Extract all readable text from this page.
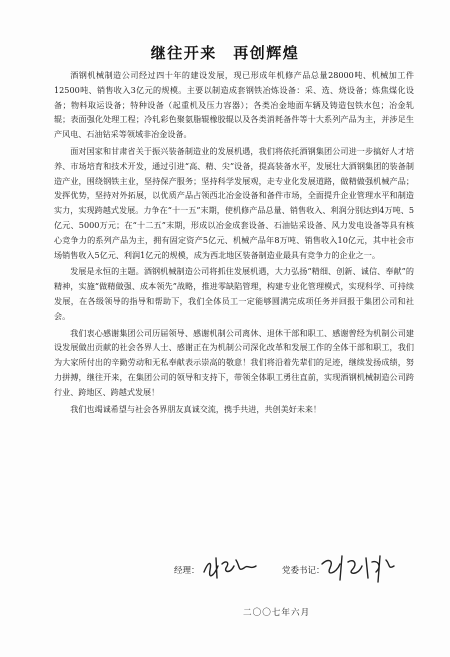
继往开来　再创辉煌

酒钢机械制造公司经过四十年的建设发展，现已形成年机修产品总量28000吨、机械加工件12500吨、销售收入3亿元的规模。主要以制造成套钢铁冶炼设备：采、选、烧设备；炼焦煤化设备；物料取运设备；特种设备（起重机及压力容器）；各类冶金地面车辆及铸造包铁水包；冶金轧辊；表面强化处理工程；冷轧彩色聚氨脂辊橡胶辊以及各类消耗备件等十大系列产品为主，并涉足生产风电、石油钻采等领域非冶金设备。

面对国家和甘肃省关于振兴装备制造业的发展机遇，我们将依托酒钢集团公司进一步搞好人才培养、市场培育和技术开发，通过引进“高、精、尖”设备，提高装备水平，发展壮大酒钢集团的装备制造产业，围绕钢铁主业，坚持保产服务；坚持科学发展观，走专业化发展道路，做精做强机械产品；发挥优势，坚持对外拓展，以优质产品占领西北冶金设备和备件市场，全面提升企业管理水平和制造实力，实现跨越式发展。力争在“十一五”末期，使机修产品总量、销售收入、利润分别达到4万吨、5亿元、5000万元；在“十二五”末期，形成以冶金成套设备、石油钻采设备、风力发电设备等具有核心竞争力的系列产品为主，拥有固定资产5亿元、机械产品年8万吨、销售收入10亿元，其中社会市场销售收入5亿元、利润1亿元的规模，成为西北地区装备制造业最具有竞争力的企业之一。

发展是永恒的主题。酒钢机械制造公司将抓住发展机遇，大力弘扬“精细、创新、诚信、奉献”的精神，实施“做精做强、成本领先”战略，推进零缺陷管理，构建专业化管理模式，实现科学、可持续发展，在各级领导的指导和帮助下，我们全体员工一定能够圆满完成项任务并回报于集团公司和社会。

我们衷心感谢集团公司历届领导、感谢机制公司离休、退休干部和职工、感谢曾经为机制公司建设发展做出贡献的社会各界人士、感谢正在为机制公司深化改革和发展工作的全体干部和职工，我们为大家所付出的辛勤劳动和无私奉献表示崇高的敬意！我们将沿着先辈们的足迹，继续发扬成绩，努力拼搏，继往开来，在集团公司的领导和支持下，带领全体职工勇往直前，实现酒钢机械制造公司跨行业、跨地区、跨越式发展！

我们也竭诚希望与社会各界朋友真诚交流，携手共进，共创美好未来！

经理：	党委书记：
二〇〇七年六月
